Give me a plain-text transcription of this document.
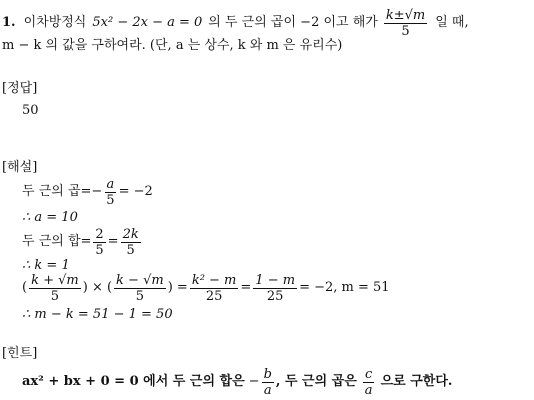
1. 이차방정식 5x² − 2x − a = 0 의 두 근의 곱이 −2 이고 해가 $\frac{k\pm√m}{5}$ 일 때,
m − k 의 값을 구하여라. (단, a 는 상수, k 와 m 은 유리수)
[정답]
50
[해설]
두 근의 곱= − $\frac{a}{5} = -2$
∴ a = 10
두 근의 합= $\frac{2}{5} = \frac{2k}{5}$
∴ k = 1
( $\frac{k + √m}{5}$ ) × ( $\frac{k - √m}{5}$ ) = $\frac{\text{k² − m}}{25} = \frac{1 - m}{25} = -2$, m = 51
∴ m − k = 51 − 1 = 50
[힌트]
ax² + bx + 0 = 0 에서 두 근의 합은 − $\frac{b}{a}$ , 두 근의 곱은 $\frac{c}{a}$ 으로 구한다.
